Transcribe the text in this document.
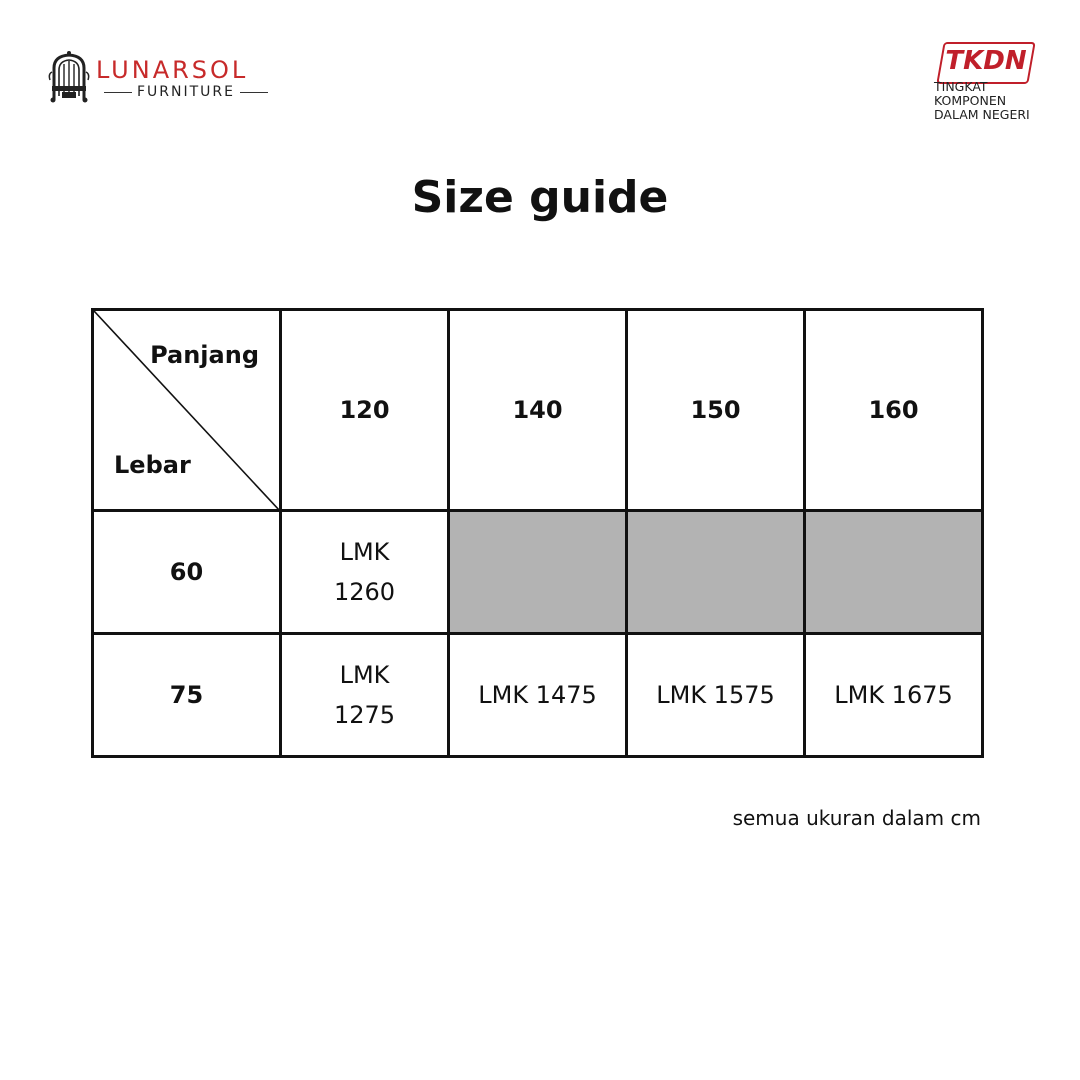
LUNARSOL
FURNITURE
TKDN
TINGKAT
KOMPONEN
DALAM NEGERI
Size guide
Panjang
Lebar	120	140	150	160
60	LMK 1260			
75	LMK 1275	LMK 1475	LMK 1575	LMK 1675
semua ukuran dalam cm
